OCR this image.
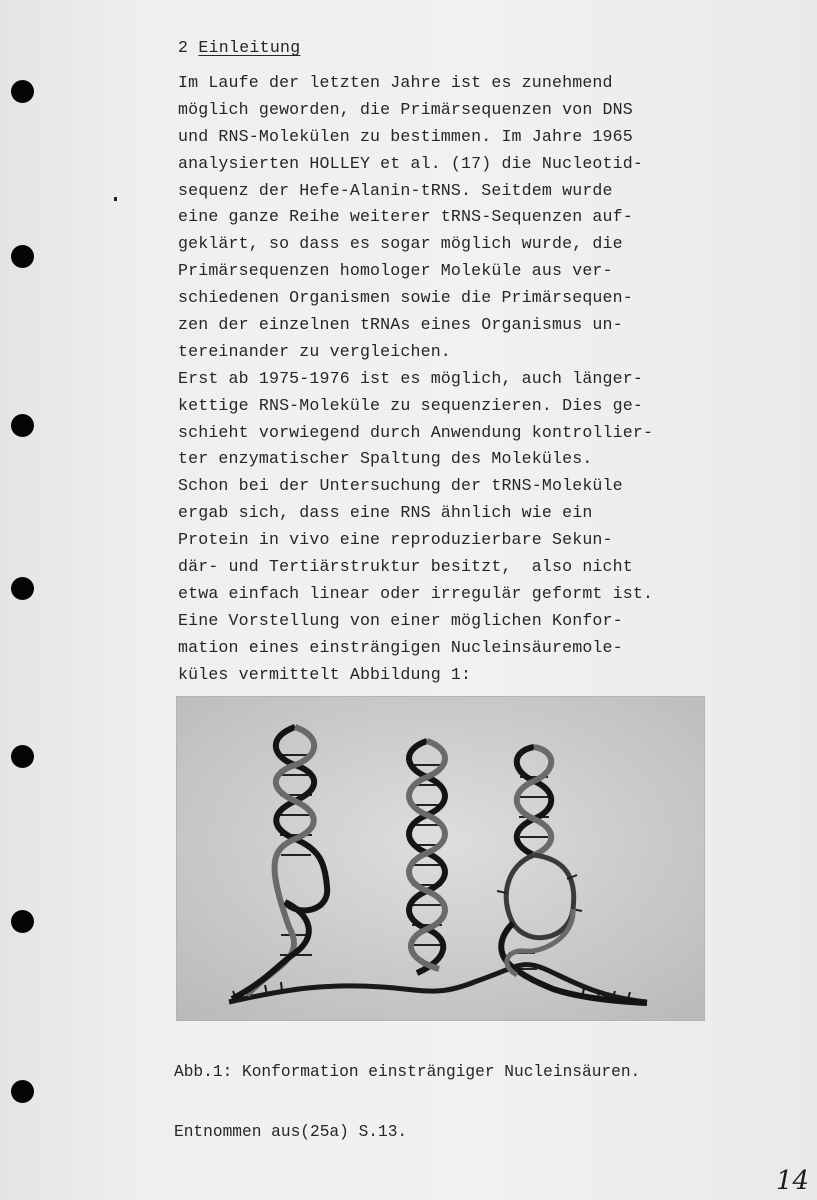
2 Einleitung
Im Laufe der letzten Jahre ist es zunehmend
möglich geworden, die Primärsequenzen von DNS
und RNS-Molekülen zu bestimmen. Im Jahre 1965
analysierten HOLLEY et al. (17) die Nucleotid-
sequenz der Hefe-Alanin-tRNS. Seitdem wurde
eine ganze Reihe weiterer tRNS-Sequenzen auf-
geklärt, so dass es sogar möglich wurde, die
Primärsequenzen homologer Moleküle aus ver-
schiedenen Organismen sowie die Primärsequen-
zen der einzelnen tRNAs eines Organismus un-
tereinander zu vergleichen.
Erst ab 1975-1976 ist es möglich, auch länger-
kettige RNS-Moleküle zu sequenzieren. Dies ge-
schieht vorwiegend durch Anwendung kontrollier-
ter enzymatischer Spaltung des Moleküles.
Schon bei der Untersuchung der tRNS-Moleküle
ergab sich, dass eine RNS ähnlich wie ein
Protein in vivo eine reproduzierbare Sekun-
där- und Tertiärstruktur besitzt,  also nicht
etwa einfach linear oder irregulär geformt ist.
Eine Vorstellung von einer möglichen Konfor-
mation eines einsträngigen Nucleinsäuremole-
küles vermittelt Abbildung 1:

Abb.1: Konformation einsträngiger Nucleinsäuren.

Entnommen aus(25a) S.13.

14
